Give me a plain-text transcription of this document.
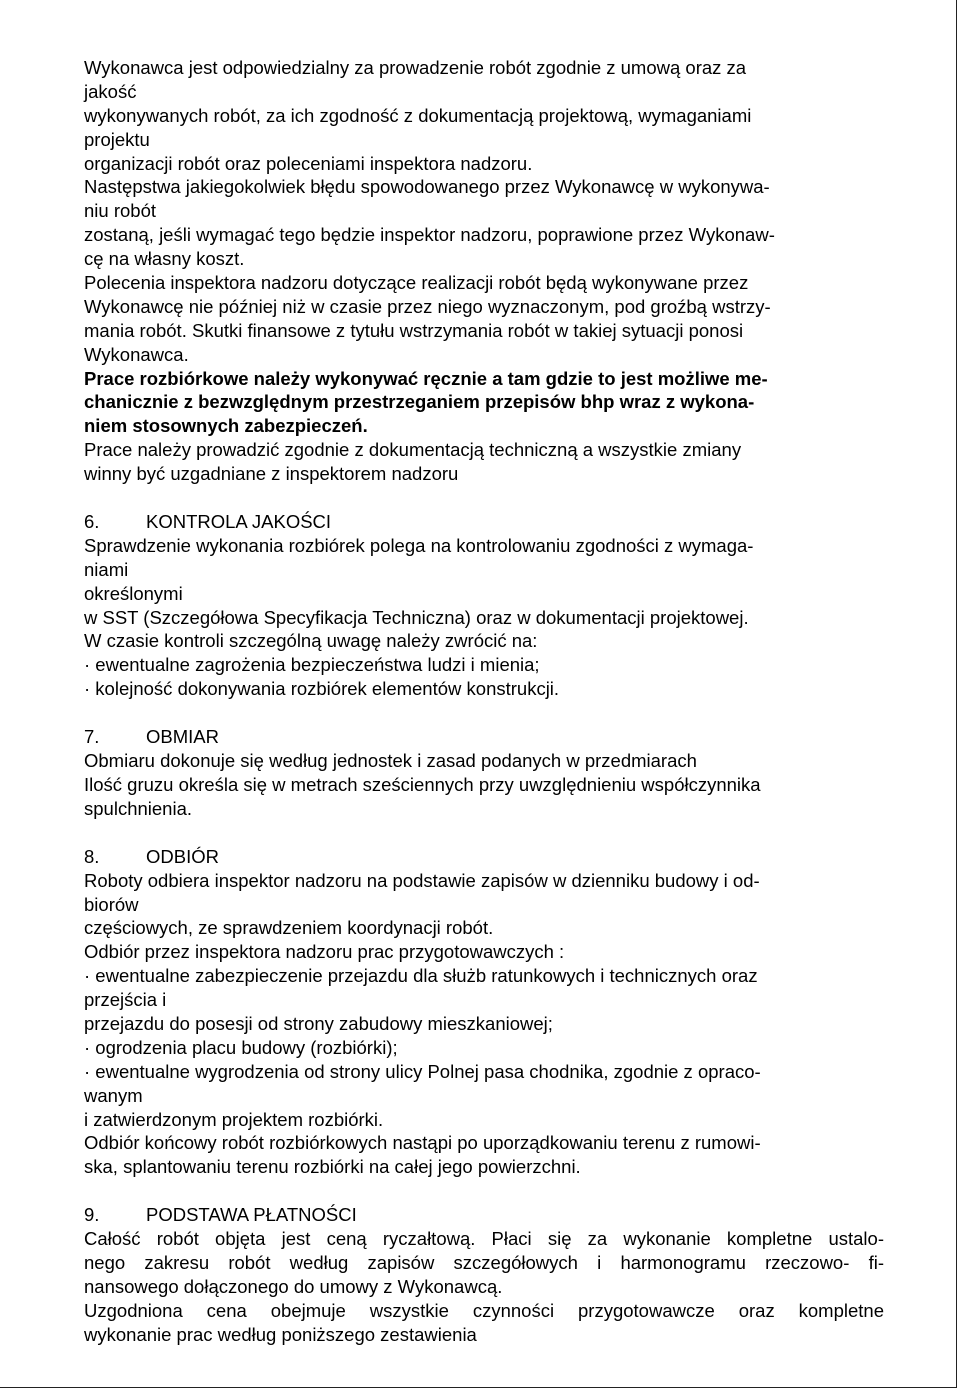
Wykonawca jest odpowiedzialny za prowadzenie robót zgodnie z umową oraz za
jakość
wykonywanych robót, za ich zgodność z dokumentacją projektową, wymaganiami
projektu
organizacji robót oraz poleceniami inspektora nadzoru.
Następstwa jakiegokolwiek błędu spowodowanego przez Wykonawcę w wykonywa-
niu robót
zostaną, jeśli wymagać tego będzie inspektor nadzoru, poprawione przez Wykonaw-
cę na własny koszt.
Polecenia inspektora nadzoru dotyczące realizacji robót będą wykonywane przez
Wykonawcę nie później niż w czasie przez niego wyznaczonym, pod groźbą wstrzy-
mania robót. Skutki finansowe z tytułu wstrzymania robót w takiej sytuacji ponosi
Wykonawca.
Prace rozbiórkowe należy wykonywać ręcznie a tam gdzie to jest możliwe me-
chanicznie z bezwzględnym przestrzeganiem przepisów bhp wraz z wykona-
niem stosownych zabezpieczeń.
Prace należy prowadzić zgodnie z dokumentacją techniczną a wszystkie zmiany
winny być uzgadniane z inspektorem nadzoru
6.	KONTROLA JAKOŚCI
Sprawdzenie wykonania rozbiórek polega na kontrolowaniu zgodności z wymaga-
niami
określonymi
w SST (Szczegółowa Specyfikacja Techniczna) oraz w dokumentacji projektowej.
W czasie kontroli szczególną uwagę należy zwrócić na:
· ewentualne zagrożenia bezpieczeństwa ludzi i mienia;
· kolejność dokonywania rozbiórek elementów konstrukcji.
7.	OBMIAR
Obmiaru dokonuje się według jednostek i zasad podanych w przedmiarach
Ilość gruzu określa się w metrach sześciennych przy uwzględnieniu współczynnika
spulchnienia.
8.	ODBIÓR
Roboty odbiera inspektor nadzoru na podstawie zapisów w dzienniku budowy i od-
biorów
częściowych, ze sprawdzeniem koordynacji robót.
Odbiór przez inspektora nadzoru prac przygotowawczych :
· ewentualne zabezpieczenie przejazdu dla służb ratunkowych i technicznych oraz
przejścia i
przejazdu do posesji od strony zabudowy mieszkaniowej;
· ogrodzenia placu budowy (rozbiórki);
· ewentualne wygrodzenia od strony ulicy Polnej pasa chodnika, zgodnie z opraco-
wanym
i zatwierdzonym projektem rozbiórki.
Odbiór końcowy robót rozbiórkowych nastąpi po uporządkowaniu terenu z rumowi-
ska, splantowaniu terenu rozbiórki na całej jego powierzchni.
9.	PODSTAWA PŁATNOŚCI
Całość robót objęta jest ceną ryczałtową. Płaci się za wykonanie kompletne ustalo-
nego zakresu robót według zapisów szczegółowych i harmonogramu rzeczowo- fi-
nansowego dołączonego do umowy z Wykonawcą.
Uzgodniona cena obejmuje wszystkie czynności przygotowawcze oraz kompletne
wykonanie prac według poniższego zestawienia
